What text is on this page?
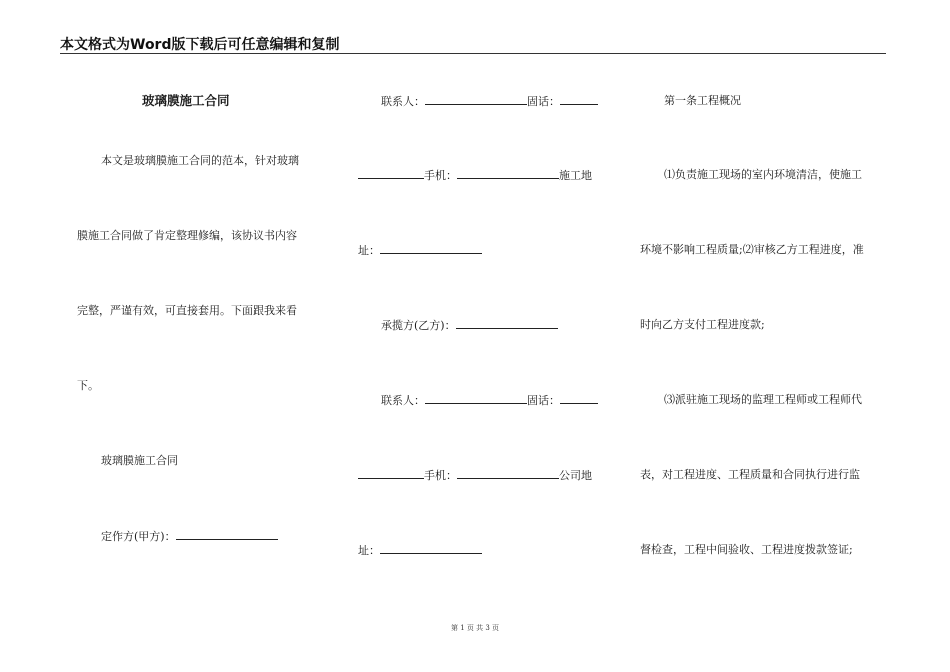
本文格式为Word版下载后可任意编辑和复制
玻璃膜施工合同
本文是玻璃膜施工合同的范本，针对玻璃
膜施工合同做了肯定整理修编，该协议书内容
完整，严谨有效，可直接套用。下面跟我来看
下。
玻璃膜施工合同
定作方(甲方)：
联系人：	固话：
手机：	施工地
址：
承揽方(乙方)：
联系人：	固话：
手机：	公司地
址：
第一条工程概况
⑴负责施工现场的室内环境清洁，使施工
环境不影响工程质量;⑵审核乙方工程进度，准
时向乙方支付工程进度款;
⑶派驻施工现场的监理工程师或工程师代
表，对工程进度、工程质量和合同执行进行监
督检查，工程中间验收、工程进度拨款签证;
第 1 页 共 3 页
